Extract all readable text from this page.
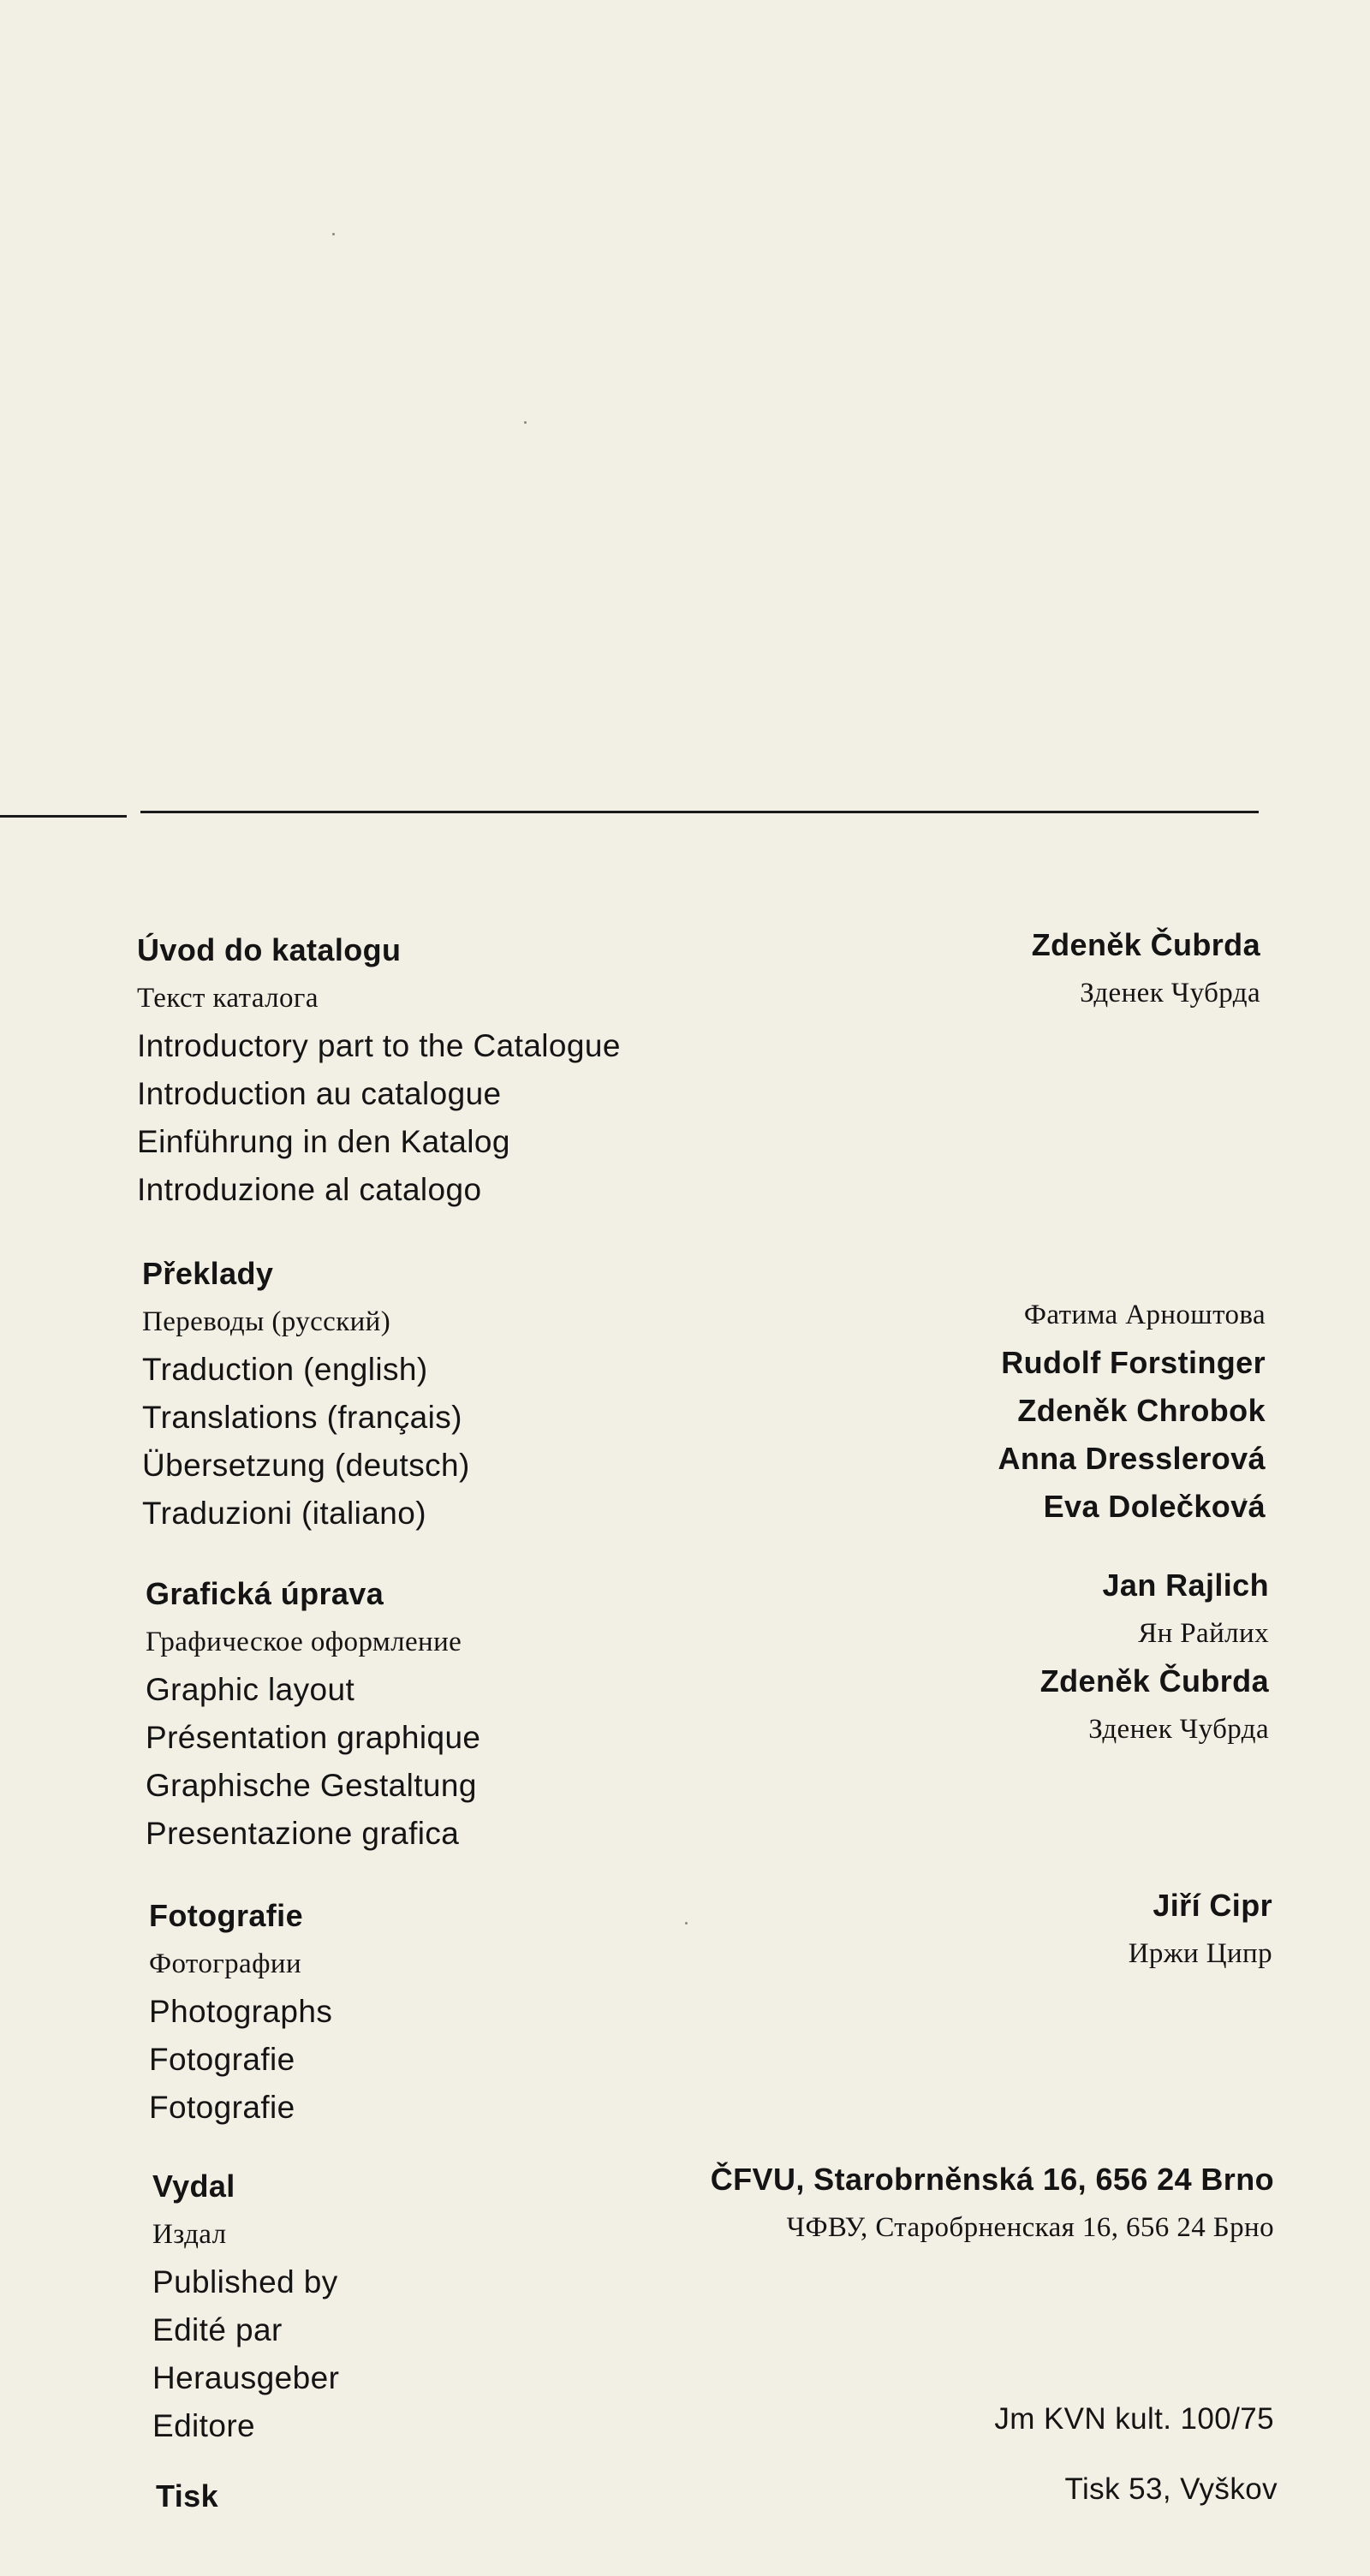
Úvod do katalogu
Текст каталога
Introductory part to the Catalogue
Introduction au catalogue
Einführung in den Katalog
Introduzione al catalogo
Zdeněk Čubrda
Зденек Чубрда
Překlady
Переводы (русский)
Traduction (english)
Translations (français)
Übersetzung (deutsch)
Traduzioni (italiano)
Фатима Арноштова
Rudolf Forstinger
Zdeněk Chrobok
Anna Dresslerová
Eva Dolečková
Grafická úprava
Графическое оформление
Graphic layout
Présentation graphique
Graphische Gestaltung
Presentazione grafica
Jan Rajlich
Ян Райлих
Zdeněk Čubrda
Зденек Чубрда
Fotografie
Фотографии
Photographs
Fotografie
Fotografie
Jiří Cipr
Иржи Ципр
Vydal
Издал
Published by
Edité par
Herausgeber
Editore
ČFVU, Starobrněnská 16, 656 24 Brno
ЧФВУ, Старобрненская 16, 656 24 Брно
Jm KVN kult. 100/75
Tisk	Tisk 53, Vyškov
